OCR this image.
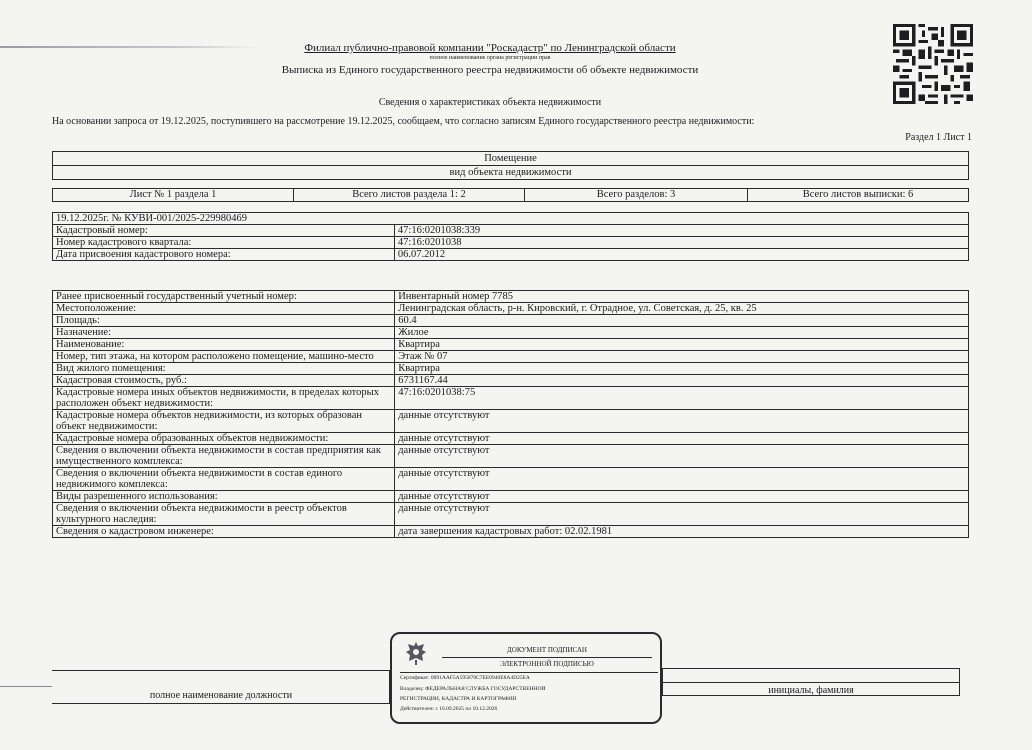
Филиал публично-правовой компании "Роскадастр" по Ленинградской области
полное наименование органа регистрации прав
Выписка из Единого государственного реестра недвижимости об объекте недвижимости
Сведения о характеристиках объекта недвижимости
На основании запроса от 19.12.2025, поступившего на рассмотрение 19.12.2025, сообщаем, что согласно записям Единого государственного реестра недвижимости:
Раздел 1 Лист 1
Помещение
вид объекта недвижимости
Лист № 1 раздела 1	Всего листов раздела 1: 2	Всего разделов: 3	Всего листов выписки: 6
19.12.2025г. № КУВИ-001/2025-229980469	
Кадастровый номер:	47:16:0201038:339
Номер кадастрового квартала:	47:16:0201038
Дата присвоения кадастрового номера:	06.07.2012
Ранее присвоенный государственный учетный номер:	Инвентарный номер 7785
Местоположение:	Ленинградская область, р-н. Кировский, г. Отрадное, ул. Советская, д. 25, кв. 25
Площадь:	60.4
Назначение:	Жилое
Наименование:	Квартира
Номер, тип этажа, на котором расположено помещение, машино-место	Этаж № 07
Вид жилого помещения:	Квартира
Кадастровая стоимость, руб.:	6731167.44
Кадастровые номера иных объектов недвижимости, в пределах которых расположен объект недвижимости:	47:16:0201038:75
Кадастровые номера объектов недвижимости, из которых образован объект недвижимости:	данные отсутствуют
Кадастровые номера образованных объектов недвижимости:	данные отсутствуют
Сведения о включении объекта недвижимости в состав предприятия как имущественного комплекса:	данные отсутствуют
Сведения о включении объекта недвижимости в состав единого недвижимого комплекса:	данные отсутствуют
Виды разрешенного использования:	данные отсутствуют
Сведения о включении объекта недвижимости в реестр объектов культурного наследия:	данные отсутствуют
Сведения о кадастровом инженере:	дата завершения кадастровых работ: 02.02.1981
полное наименование должности	инициалы, фамилия
ДОКУМЕНТ ПОДПИСАН
ЭЛЕКТРОННОЙ ПОДПИСЬЮ
Сертификат: 0091AAF5A595870C7EE0940E8A4D25EA
Владелец: ФЕДЕРАЛЬНАЯ СЛУЖБА ГОСУДАРСТВЕННОЙ
РЕГИСТРАЦИИ, КАДАСТРА И КАРТОГРАФИИ
Действителен: с 16.09.2025 по 10.12.2026
